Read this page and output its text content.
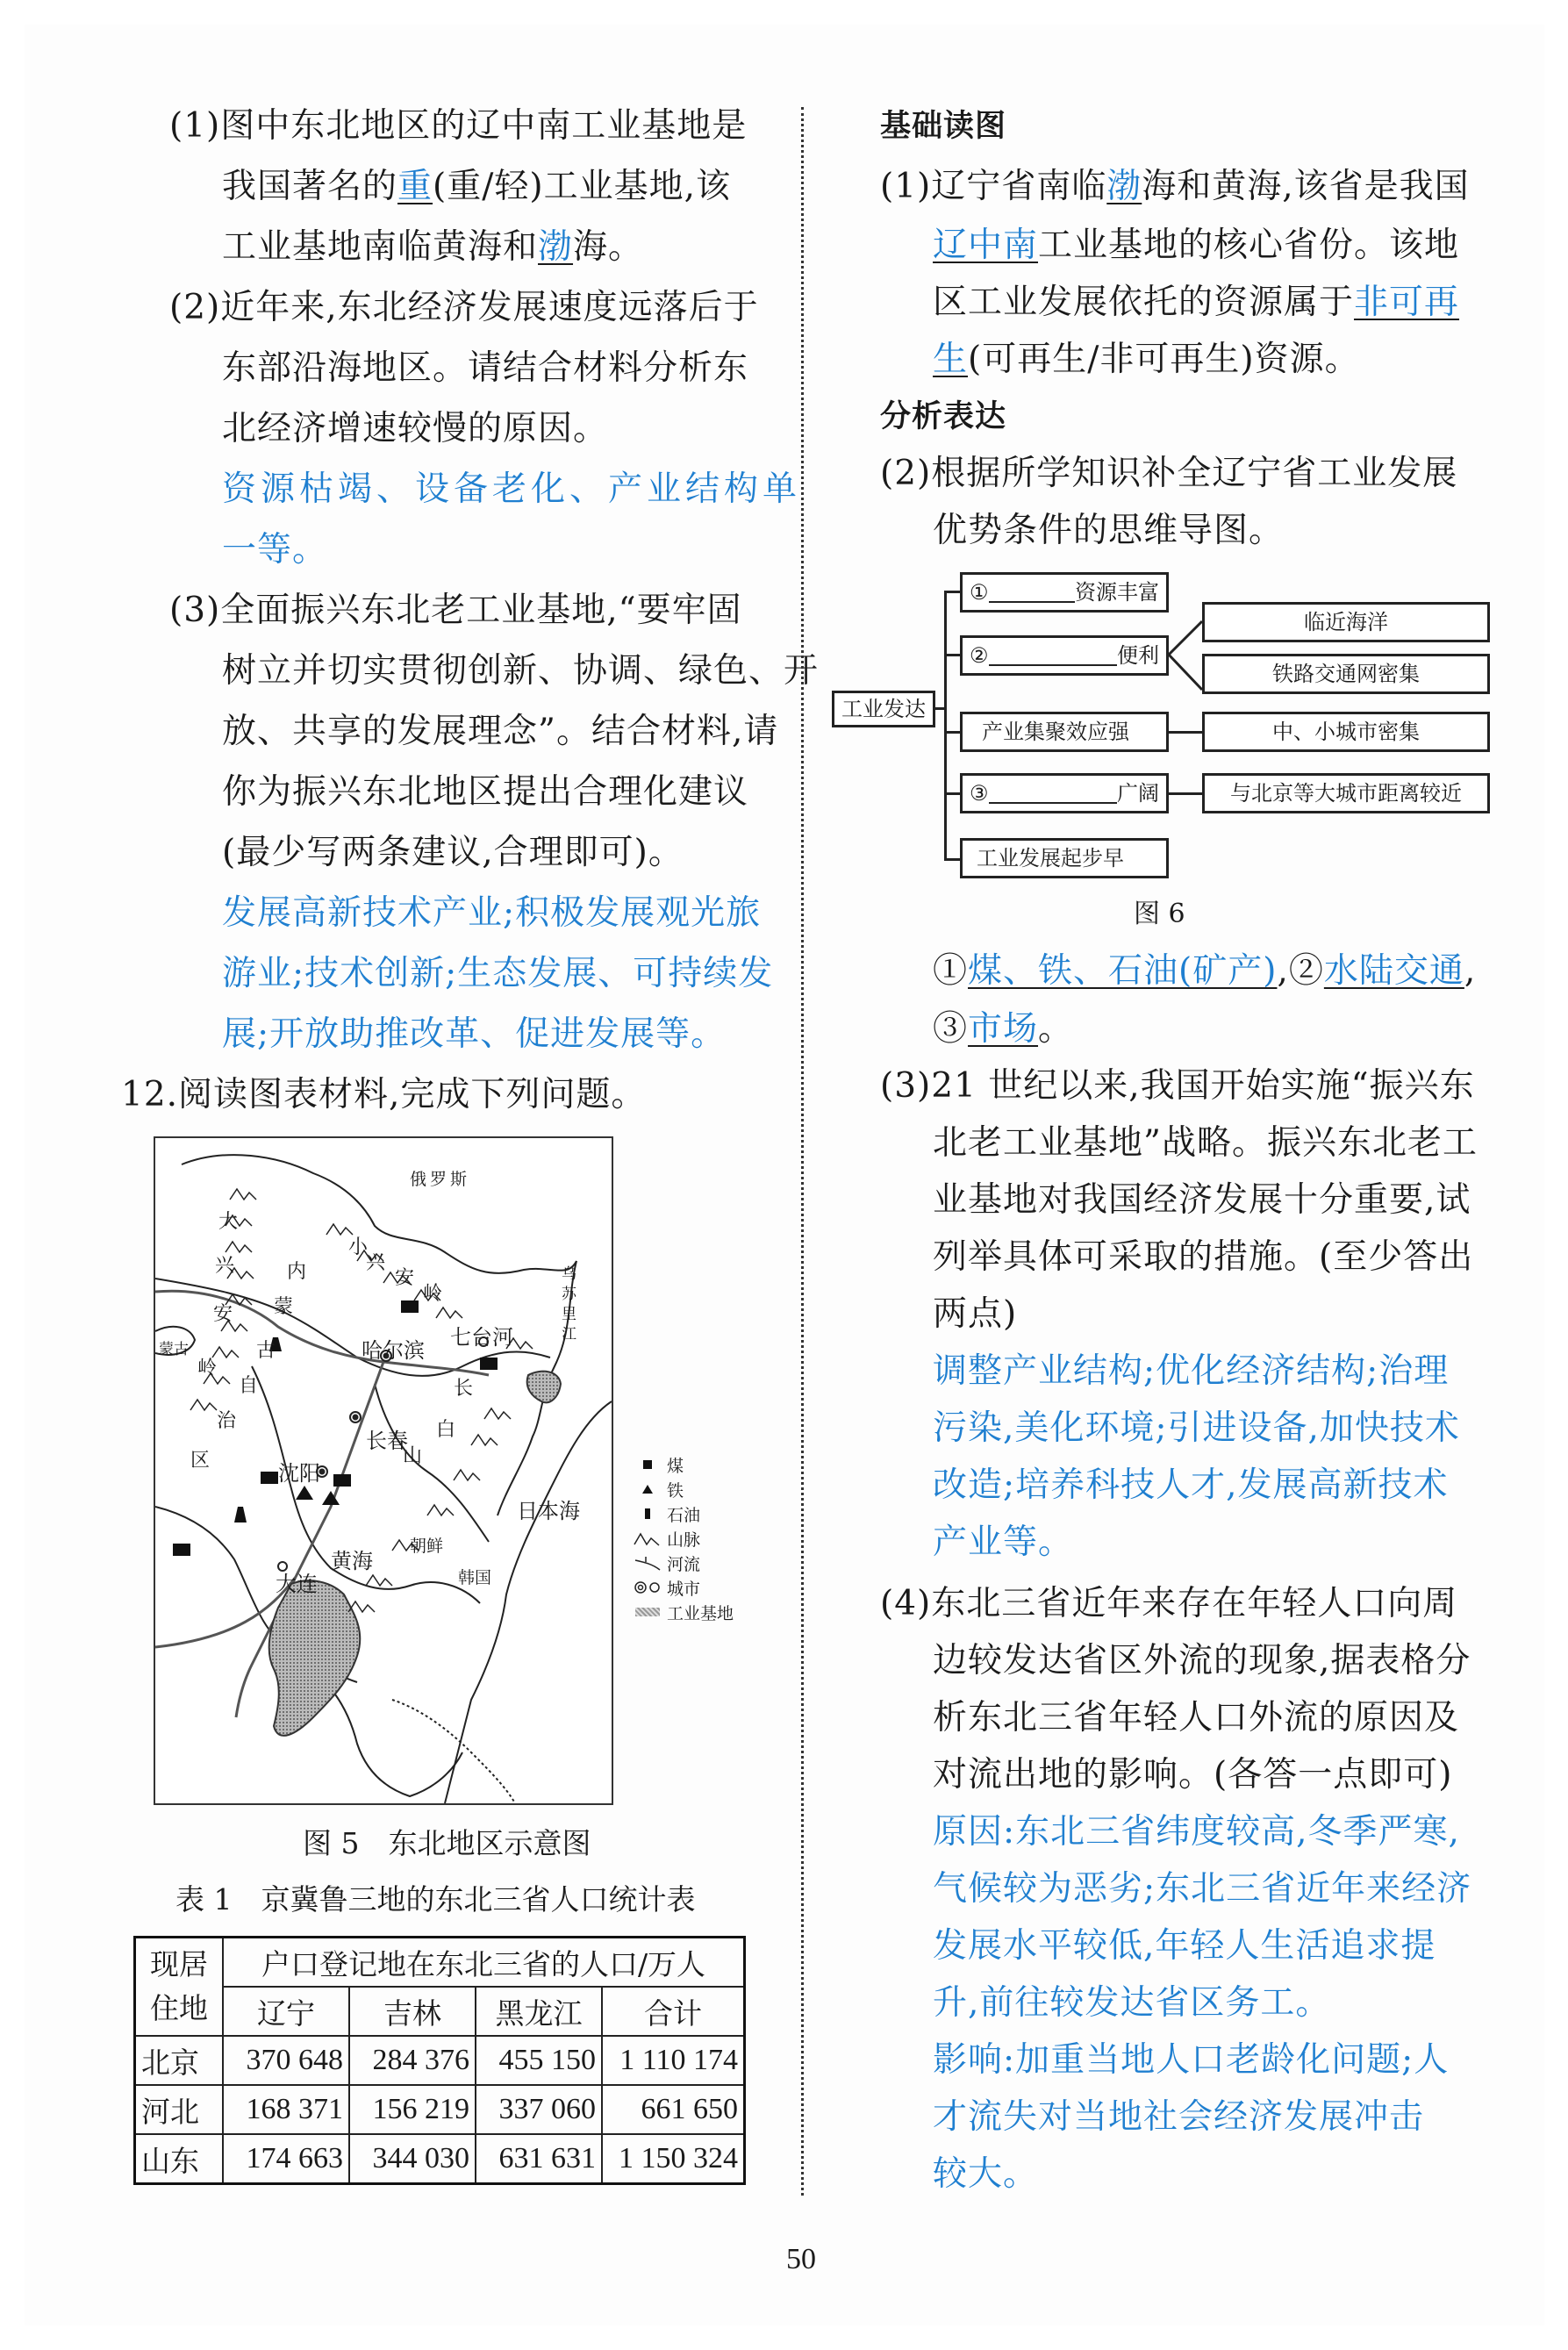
(1)图中东北地区的辽中南工业基地是
我国著名的重(重/轻)工业基地,该
工业基地南临黄海和渤海。
(2)近年来,东北经济发展速度远落后于
东部沿海地区。请结合材料分析东
北经济增速较慢的原因。
资源枯竭、设备老化、产业结构单
一等。
(3)全面振兴东北老工业基地,“要牢固
树立并切实贯彻创新、协调、绿色、开
放、共享的发展理念”。结合材料,请
你为振兴东北地区提出合理化建议
(最少写两条建议,合理即可)。
发展高新技术产业;积极发展观光旅
游业;技术创新;生态发展、可持续发
展;开放助推改革、促进发展等。
12.阅读图表材料,完成下列问题。
俄罗斯
蒙古	哈尔滨
长春
沈阳
大连
黄海
日本海
朝鲜
韩国
七台河
内
蒙
古
自
治
区
大
兴
安
岭
小
兴
安
岭
长
白
山
乌
苏
里
江
煤
铁
石油
山脉
河流
城市
工业基地
图 5　东北地区示意图
表 1　京冀鲁三地的东北三省人口统计表
现居
住地	户口登记地在东北三省的人口/万人			
	辽宁	吉林	黑龙江	合计
北京	370 648	284 376	455 150	1 110 174
河北	168 371	156 219	337 060	661 650
山东	174 663	344 030	631 631	1 150 324
基础读图
(1)辽宁省南临渤海和黄海,该省是我国
辽中南工业基地的核心省份。该地
区工业发展依托的资源属于非可再
生(可再生/非可再生)资源。
分析表达
(2)根据所学知识补全辽宁省工业发展
优势条件的思维导图。
工业发达
①	资源丰富
②	便利
产业集聚效应强
③	广阔
工业发展起步早
临近海洋
铁路交通网密集
中、小城市密集
与北京等大城市距离较近
图 6
①煤、铁、石油(矿产),②水陆交通,
③市场。
(3)21 世纪以来,我国开始实施“振兴东
北老工业基地”战略。振兴东北老工
业基地对我国经济发展十分重要,试
列举具体可采取的措施。(至少答出
两点)
调整产业结构;优化经济结构;治理
污染,美化环境;引进设备,加快技术
改造;培养科技人才,发展高新技术
产业等。
(4)东北三省近年来存在年轻人口向周
边较发达省区外流的现象,据表格分
析东北三省年轻人口外流的原因及
对流出地的影响。(各答一点即可)
原因:东北三省纬度较高,冬季严寒,
气候较为恶劣;东北三省近年来经济
发展水平较低,年轻人生活追求提
升,前往较发达省区务工。
影响:加重当地人口老龄化问题;人
才流失对当地社会经济发展冲击
较大。
50
